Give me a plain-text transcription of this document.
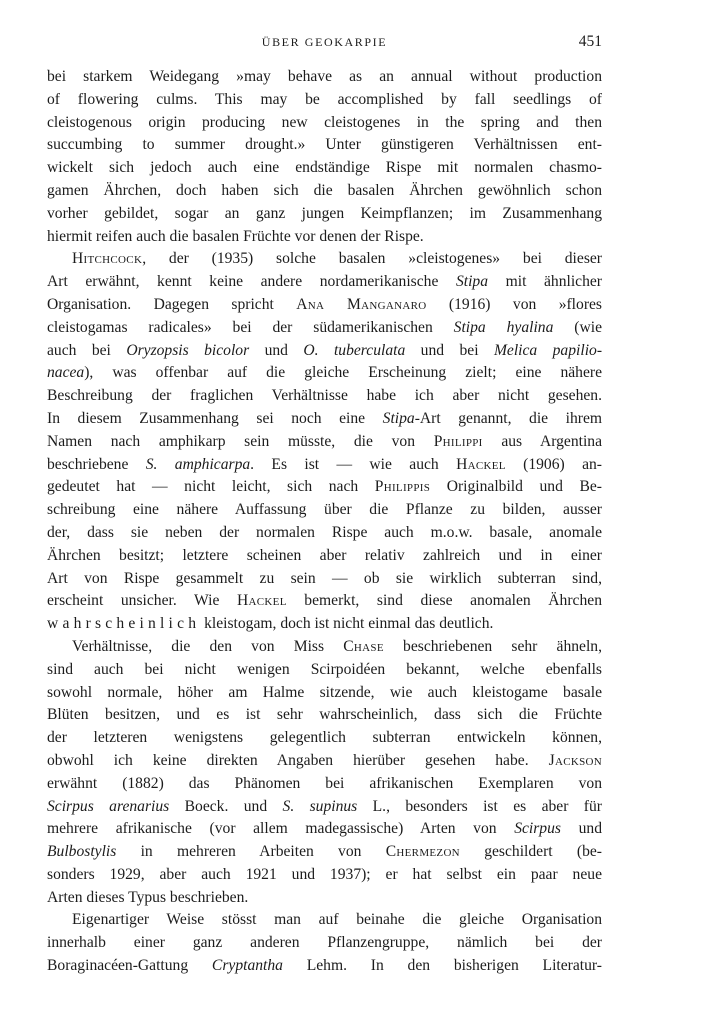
ÜBER GEOKARPIE	451
bei starkem Weidegang »may behave as an annual without production
of flowering culms. This may be accomplished by fall seedlings of
cleistogenous origin producing new cleistogenes in the spring and then
succumbing to summer drought.» Unter günstigeren Verhältnissen ent-
wickelt sich jedoch auch eine endständige Rispe mit normalen chasmo-
gamen Ährchen, doch haben sich die basalen Ährchen gewöhnlich schon
vorher gebildet, sogar an ganz jungen Keimpflanzen; im Zusammenhang
hiermit reifen auch die basalen Früchte vor denen der Rispe.
Hitchcock, der (1935) solche basalen »cleistogenes» bei dieser
Art erwähnt, kennt keine andere nordamerikanische Stipa mit ähnlicher
Organisation. Dagegen spricht Ana Manganaro (1916) von »flores
cleistogamas radicales» bei der südamerikanischen Stipa hyalina (wie
auch bei Oryzopsis bicolor und O. tuberculata und bei Melica papilio-
nacea), was offenbar auf die gleiche Erscheinung zielt; eine nähere
Beschreibung der fraglichen Verhältnisse habe ich aber nicht gesehen.
In diesem Zusammenhang sei noch eine Stipa-Art genannt, die ihrem
Namen nach amphikarp sein müsste, die von Philippi aus Argentina
beschriebene S. amphicarpa. Es ist — wie auch Hackel (1906) an-
gedeutet hat — nicht leicht, sich nach Philippis Originalbild und Be-
schreibung eine nähere Auffassung über die Pflanze zu bilden, ausser
der, dass sie neben der normalen Rispe auch m.o.w. basale, anomale
Ährchen besitzt; letztere scheinen aber relativ zahlreich und in einer
Art von Rispe gesammelt zu sein — ob sie wirklich subterran sind,
erscheint unsicher. Wie Hackel bemerkt, sind diese anomalen Ährchen
wahrscheinlich kleistogam, doch ist nicht einmal das deutlich.
Verhältnisse, die den von Miss Chase beschriebenen sehr ähneln,
sind auch bei nicht wenigen Scirpoidéen bekannt, welche ebenfalls
sowohl normale, höher am Halme sitzende, wie auch kleistogame basale
Blüten besitzen, und es ist sehr wahrscheinlich, dass sich die Früchte
der letzteren wenigstens gelegentlich subterran entwickeln können,
obwohl ich keine direkten Angaben hierüber gesehen habe. Jackson
erwähnt (1882) das Phänomen bei afrikanischen Exemplaren von
Scirpus arenarius Boeck. und S. supinus L., besonders ist es aber für
mehrere afrikanische (vor allem madegassische) Arten von Scirpus und
Bulbostylis in mehreren Arbeiten von Chermezon geschildert (be-
sonders 1929, aber auch 1921 und 1937); er hat selbst ein paar neue
Arten dieses Typus beschrieben.
Eigenartiger Weise stösst man auf beinahe die gleiche Organisation
innerhalb einer ganz anderen Pflanzengruppe, nämlich bei der
Boraginacéen-Gattung Cryptantha Lehm. In den bisherigen Literatur-
